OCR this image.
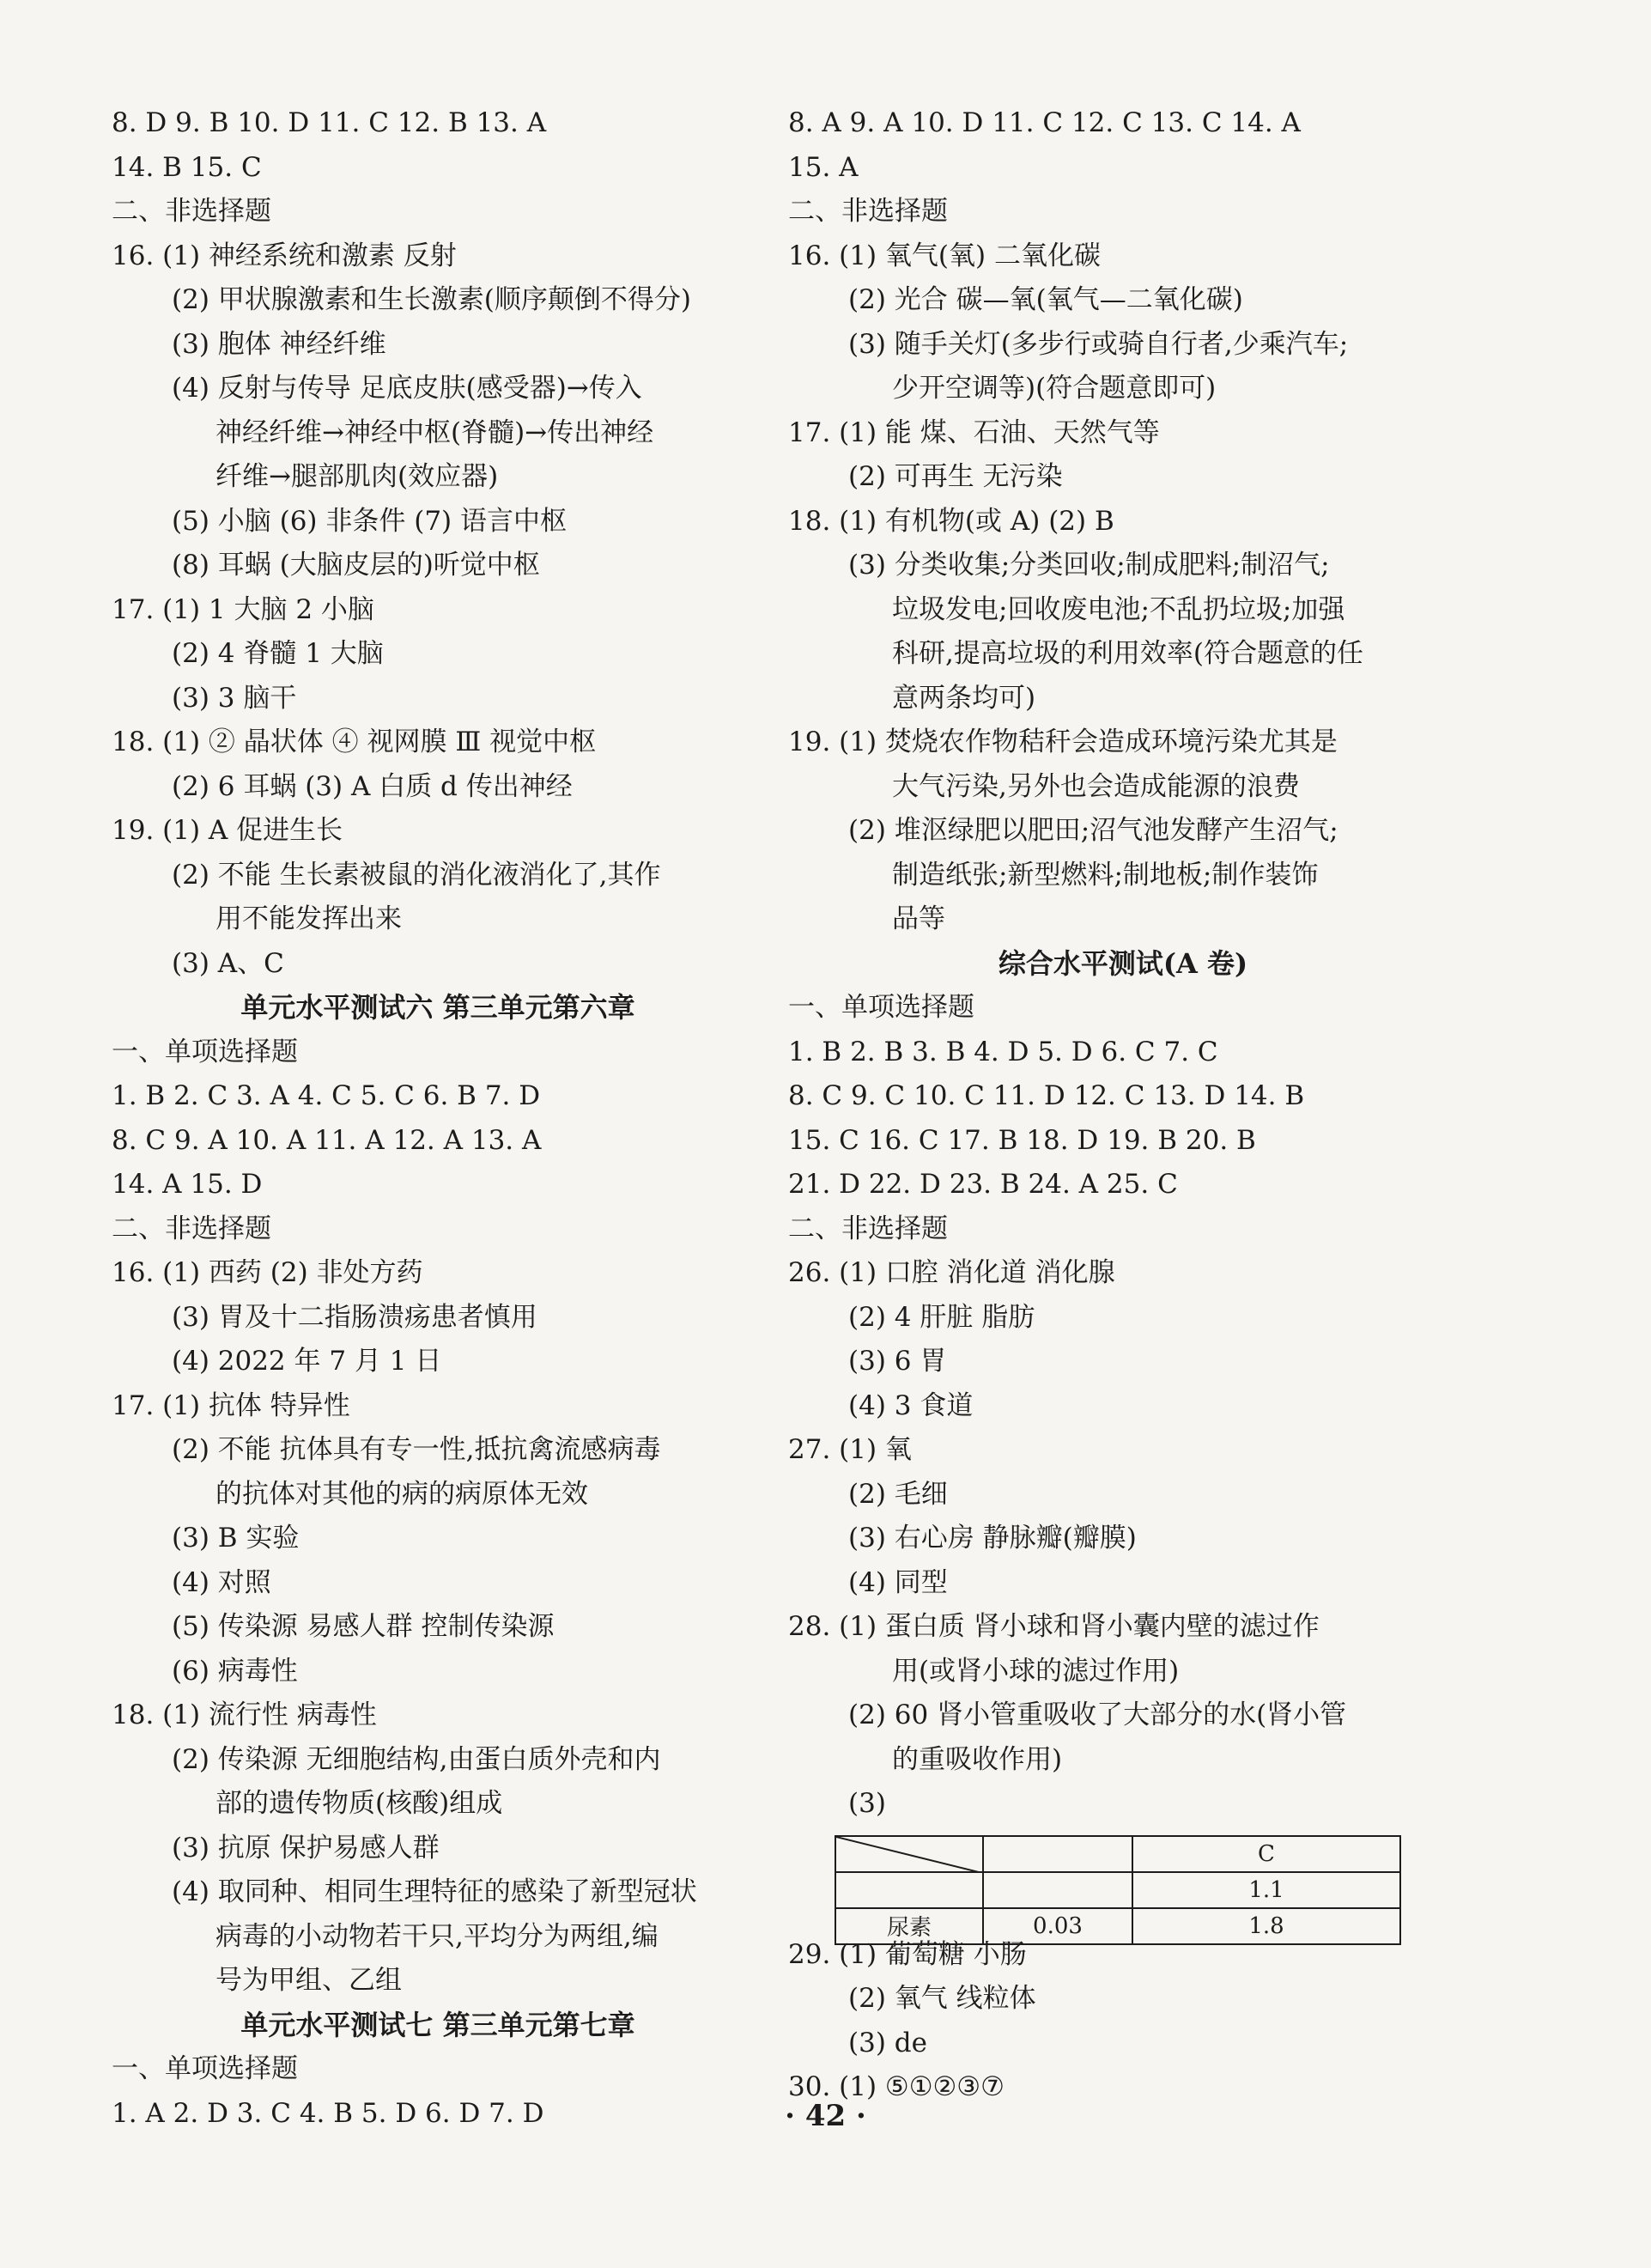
8. D 9. B 10. D 11. C 12. B 13. A
14. B 15. C
二、非选择题
16. (1) 神经系统和激素 反射
(2) 甲状腺激素和生长激素(顺序颠倒不得分)
(3) 胞体 神经纤维
(4) 反射与传导 足底皮肤(感受器)→传入
神经纤维→神经中枢(脊髓)→传出神经
纤维→腿部肌肉(效应器)
(5) 小脑 (6) 非条件 (7) 语言中枢
(8) 耳蜗 (大脑皮层的)听觉中枢
17. (1) 1 大脑 2 小脑
(2) 4 脊髓 1 大脑
(3) 3 脑干
18. (1) ② 晶状体 ④ 视网膜 Ⅲ 视觉中枢
(2) 6 耳蜗 (3) A 白质 d 传出神经
19. (1) A 促进生长
(2) 不能 生长素被鼠的消化液消化了,其作
用不能发挥出来
(3) A、C
单元水平测试六 第三单元第六章
一、单项选择题
1. B 2. C 3. A 4. C 5. C 6. B 7. D
8. C 9. A 10. A 11. A 12. A 13. A
14. A 15. D
二、非选择题
16. (1) 西药 (2) 非处方药
(3) 胃及十二指肠溃疡患者慎用
(4) 2022 年 7 月 1 日
17. (1) 抗体 特异性
(2) 不能 抗体具有专一性,抵抗禽流感病毒
的抗体对其他的病的病原体无效
(3) B 实验
(4) 对照
(5) 传染源 易感人群 控制传染源
(6) 病毒性
18. (1) 流行性 病毒性
(2) 传染源 无细胞结构,由蛋白质外壳和内
部的遗传物质(核酸)组成
(3) 抗原 保护易感人群
(4) 取同种、相同生理特征的感染了新型冠状
病毒的小动物若干只,平均分为两组,编
号为甲组、乙组
单元水平测试七 第三单元第七章
一、单项选择题
1. A 2. D 3. C 4. B 5. D 6. D 7. D
8. A 9. A 10. D 11. C 12. C 13. C 14. A
15. A
二、非选择题
16. (1) 氧气(氧) 二氧化碳
(2) 光合 碳—氧(氧气—二氧化碳)
(3) 随手关灯(多步行或骑自行者,少乘汽车;
少开空调等)(符合题意即可)
17. (1) 能 煤、石油、天然气等
(2) 可再生 无污染
18. (1) 有机物(或 A) (2) B
(3) 分类收集;分类回收;制成肥料;制沼气;
垃圾发电;回收废电池;不乱扔垃圾;加强
科研,提高垃圾的利用效率(符合题意的任
意两条均可)
19. (1) 焚烧农作物秸秆会造成环境污染尤其是
大气污染,另外也会造成能源的浪费
(2) 堆沤绿肥以肥田;沼气池发酵产生沼气;
制造纸张;新型燃料;制地板;制作装饰
品等
综合水平测试(A 卷)
一、单项选择题
1. B 2. B 3. B 4. D 5. D 6. C 7. C
8. C 9. C 10. C 11. D 12. C 13. D 14. B
15. C 16. C 17. B 18. D 19. B 20. B
21. D 22. D 23. B 24. A 25. C
二、非选择题
26. (1) 口腔 消化道 消化腺
(2) 4 肝脏 脂肪
(3) 6 胃
(4) 3 食道
27. (1) 氧
(2) 毛细
(3) 右心房 静脉瓣(瓣膜)
(4) 同型
28. (1) 蛋白质 肾小球和肾小囊内壁的滤过作
用(或肾小球的滤过作用)
(2) 60 肾小管重吸收了大部分的水(肾小管
的重吸收作用)
(3)
		C
		1.1
尿素	0.03	1.8
29. (1) 葡萄糖 小肠
(2) 氧气 线粒体
(3) de
30. (1) ⑤①②③⑦
· 42 ·
